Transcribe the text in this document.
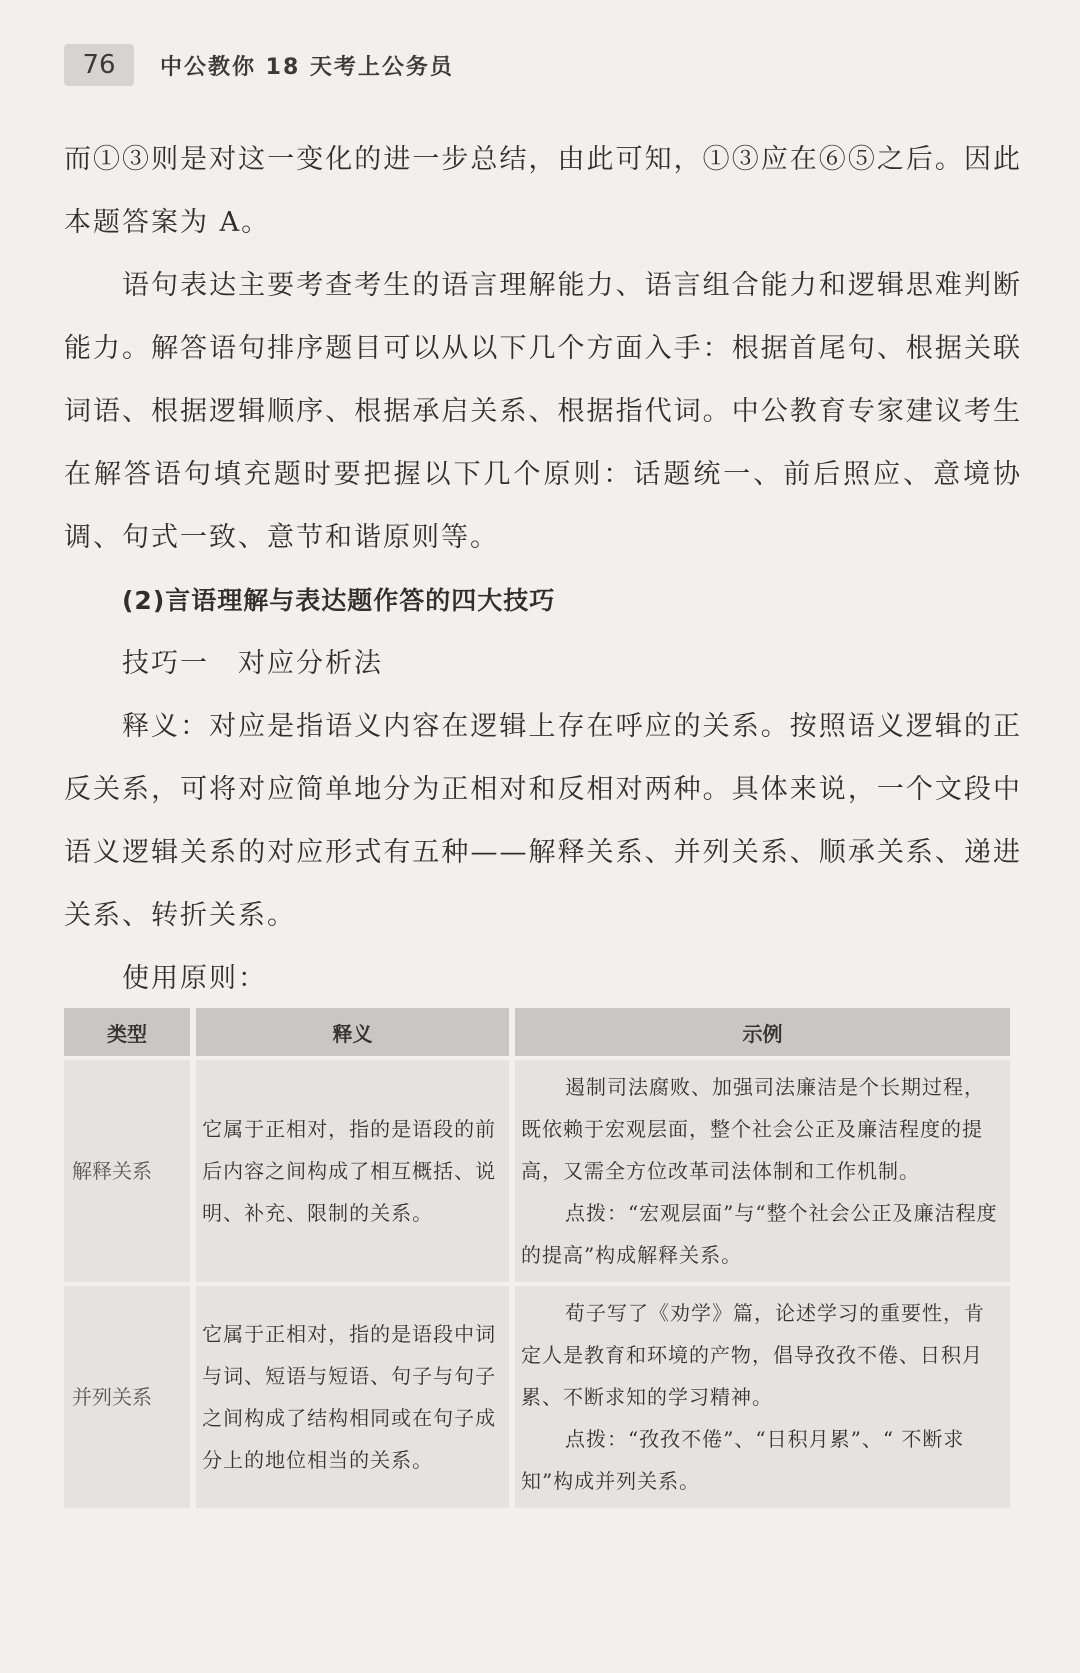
76	中公教你 18 天考上公务员

而①③则是对这一变化的进一步总结，由此可知，①③应在⑥⑤之后。因此本题答案为 A。

语句表达主要考查考生的语言理解能力、语言组合能力和逻辑思难判断能力。解答语句排序题目可以从以下几个方面入手：根据首尾句、根据关联词语、根据逻辑顺序、根据承启关系、根据指代词。中公教育专家建议考生在解答语句填充题时要把握以下几个原则：话题统一、前后照应、意境协调、句式一致、意节和谐原则等。

(2)言语理解与表达题作答的四大技巧

技巧一　对应分析法

释义：对应是指语义内容在逻辑上存在呼应的关系。按照语义逻辑的正反关系，可将对应简单地分为正相对和反相对两种。具体来说，一个文段中语义逻辑关系的对应形式有五种——解释关系、并列关系、顺承关系、递进关系、转折关系。

使用原则：

类型	释义	示例
解释关系	它属于正相对，指的是语段的前后内容之间构成了相互概括、说明、补充、限制的关系。	遏制司法腐败、加强司法廉洁是个长期过程，既依赖于宏观层面，整个社会公正及廉洁程度的提高，又需全方位改革司法体制和工作机制。

点拨：“宏观层面”与“整个社会公正及廉洁程度的提高”构成解释关系。

并列关系	它属于正相对，指的是语段中词与词、短语与短语、句子与句子之间构成了结构相同或在句子成分上的地位相当的关系。	荀子写了《劝学》篇，论述学习的重要性，肯定人是教育和环境的产物，倡导孜孜不倦、日积月累、不断求知的学习精神。

点拨：“孜孜不倦”、“日积月累”、“ 不断求知”构成并列关系。
